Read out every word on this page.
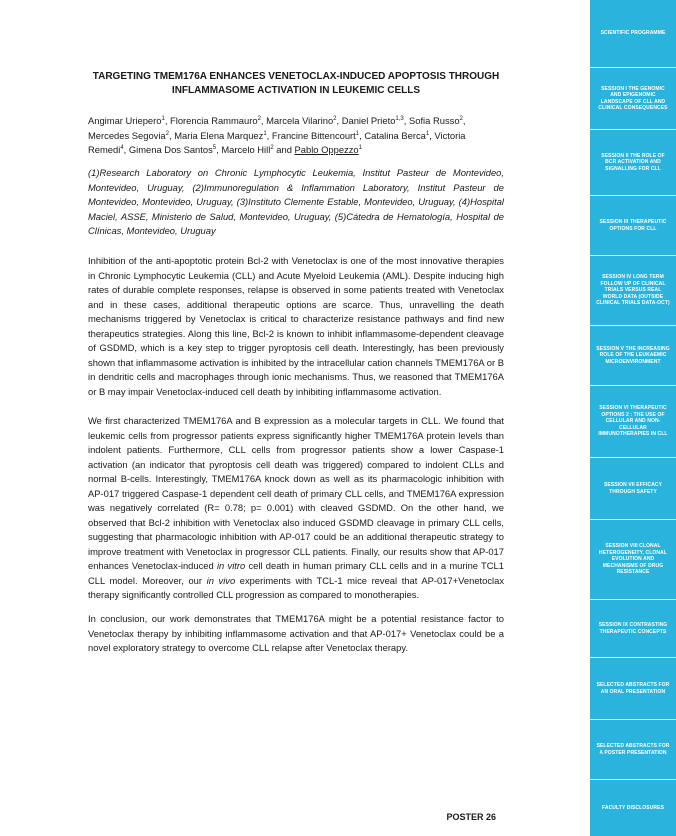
TARGETING TMEM176A ENHANCES VENETOCLAX-INDUCED APOPTOSIS THROUGH INFLAMMASOME ACTIVATION IN LEUKEMIC CELLS

Angimar Uriepero$^1$, Florencia Rammauro$^2$, Marcela Vilarino$^2$, Daniel Prieto$^{1,3}$, Sofia Russo$^2$, Mercedes Segovia$^2$, Maria Elena Marquez$^1$, Francine Bittencourt$^1$, Catalina Berca$^1$, Victoria Remedi$^4$, Gimena Dos Santos$^5$, Marcelo Hill$^2$ and Pablo Oppezzo$^1$

(1)Research Laboratory on Chronic Lymphocytic Leukemia, Institut Pasteur de Montevideo, Montevideo, Uruguay, (2)Immunoregulation & Inflammation Laboratory, Institut Pasteur de Montevideo, Montevideo, Uruguay, (3)Instituto Clemente Estable, Montevideo, Uruguay, (4)Hospital Maciel, ASSE, Ministerio de Salud, Montevideo, Uruguay, (5)Cátedra de Hematología, Hospital de Clínicas, Montevideo, Uruguay

Inhibition of the anti-apoptotic protein Bcl-2 with Venetoclax is one of the most innovative therapies in Chronic Lymphocytic Leukemia (CLL) and Acute Myeloid Leukemia (AML). Despite inducing high rates of durable complete responses, relapse is observed in some patients treated with Venetoclax and in these cases, additional therapeutic options are scarce. Thus, unravelling the death mechanisms triggered by Venetoclax is critical to characterize resistance pathways and find new therapeutics strategies. Along this line, Bcl-2 is known to inhibit inflammasome-dependent cleavage of GSDMD, which is a key step to trigger pyroptosis cell death. Interestingly, has been previously shown that inflammasome activation is inhibited by the intracellular cation channels TMEM176A or B in dendritic cells and macrophages through ionic mechanisms. Thus, we reasoned that TMEM176A or B may impair Venetoclax-induced cell death by inhibiting inflammasome activation.

We first characterized TMEM176A and B expression as a molecular targets in CLL. We found that leukemic cells from progressor patients express significantly higher TMEM176A protein levels than indolent patients. Furthermore, CLL cells from progressor patients show a lower Caspase-1 activation (an indicator that pyroptosis cell death was triggered) compared to indolent CLLs and normal B-cells. Interestingly, TMEM176A knock down as well as its pharmacologic inhibition with AP-017 triggered Caspase-1 dependent cell death of primary CLL cells, and TMEM176A expression was negatively correlated (R= 0.78; p= 0.001) with cleaved GSDMD. On the other hand, we observed that Bcl-2 inhibition with Venetoclax also induced GSDMD cleavage in primary CLL cells, suggesting that pharmacologic inhibition with AP-017 could be an additional therapeutic strategy to improve treatment with Venetoclax in progressor CLL patients. Finally, our results show that AP-017 enhances Venetoclax-induced in vitro cell death in human primary CLL cells and in a murine TCL1 CLL model. Moreover, our in vivo experiments with TCL-1 mice reveal that AP-017+Venetoclax therapy significantly controlled CLL progression as compared to monotherapies.

In conclusion, our work demonstrates that TMEM176A might be a potential resistance factor to Venetoclax therapy by inhibiting inflammasome activation and that AP-017+ Venetoclax could be a novel exploratory strategy to overcome CLL relapse after Venetoclax therapy.

POSTER 26
SCIENTIFIC PROGRAMME
SESSION I THE GENOMIC AND EPIGENOMIC LANDSCAPE OF CLL AND CLINICAL CONSEQUENCES
SESSION II THE ROLE OF BCR ACTIVATION AND SIGNALLING FOR CLL
SESSION III THERAPEUTIC OPTIONS FOR CLL
SESSION IV LONG TERM FOLLOW UP OF CLINICAL TRIALS VERSUS REAL WORLD DATA (OUTSIDE CLINICAL TRIALS DATA-OCT)
SESSION V THE INCREASING ROLE OF THE LEUKAEMIC MICROENVIRONMENT
SESSION VI THERAPEUTIC OPTIONS 2 : THE USE OF CELLULAR AND NON-CELLULAR IMMUNOTHERAPIES IN CLL
SESSION VII EFFICACY THROUGH SAFETY
SESSION VIII CLONAL HETEROGENEITY, CLONAL EVOLUTION AND MECHANISMS OF DRUG RESISTANCE
SESSION IX CONTRASTING THERAPEUTIC CONCEPTS
SELECTED ABSTRACTS FOR AN ORAL PRESENTATION
SELECTED ABSTRACTS FOR A POSTER PRESENTATION
FACULTY DISCLOSURES
